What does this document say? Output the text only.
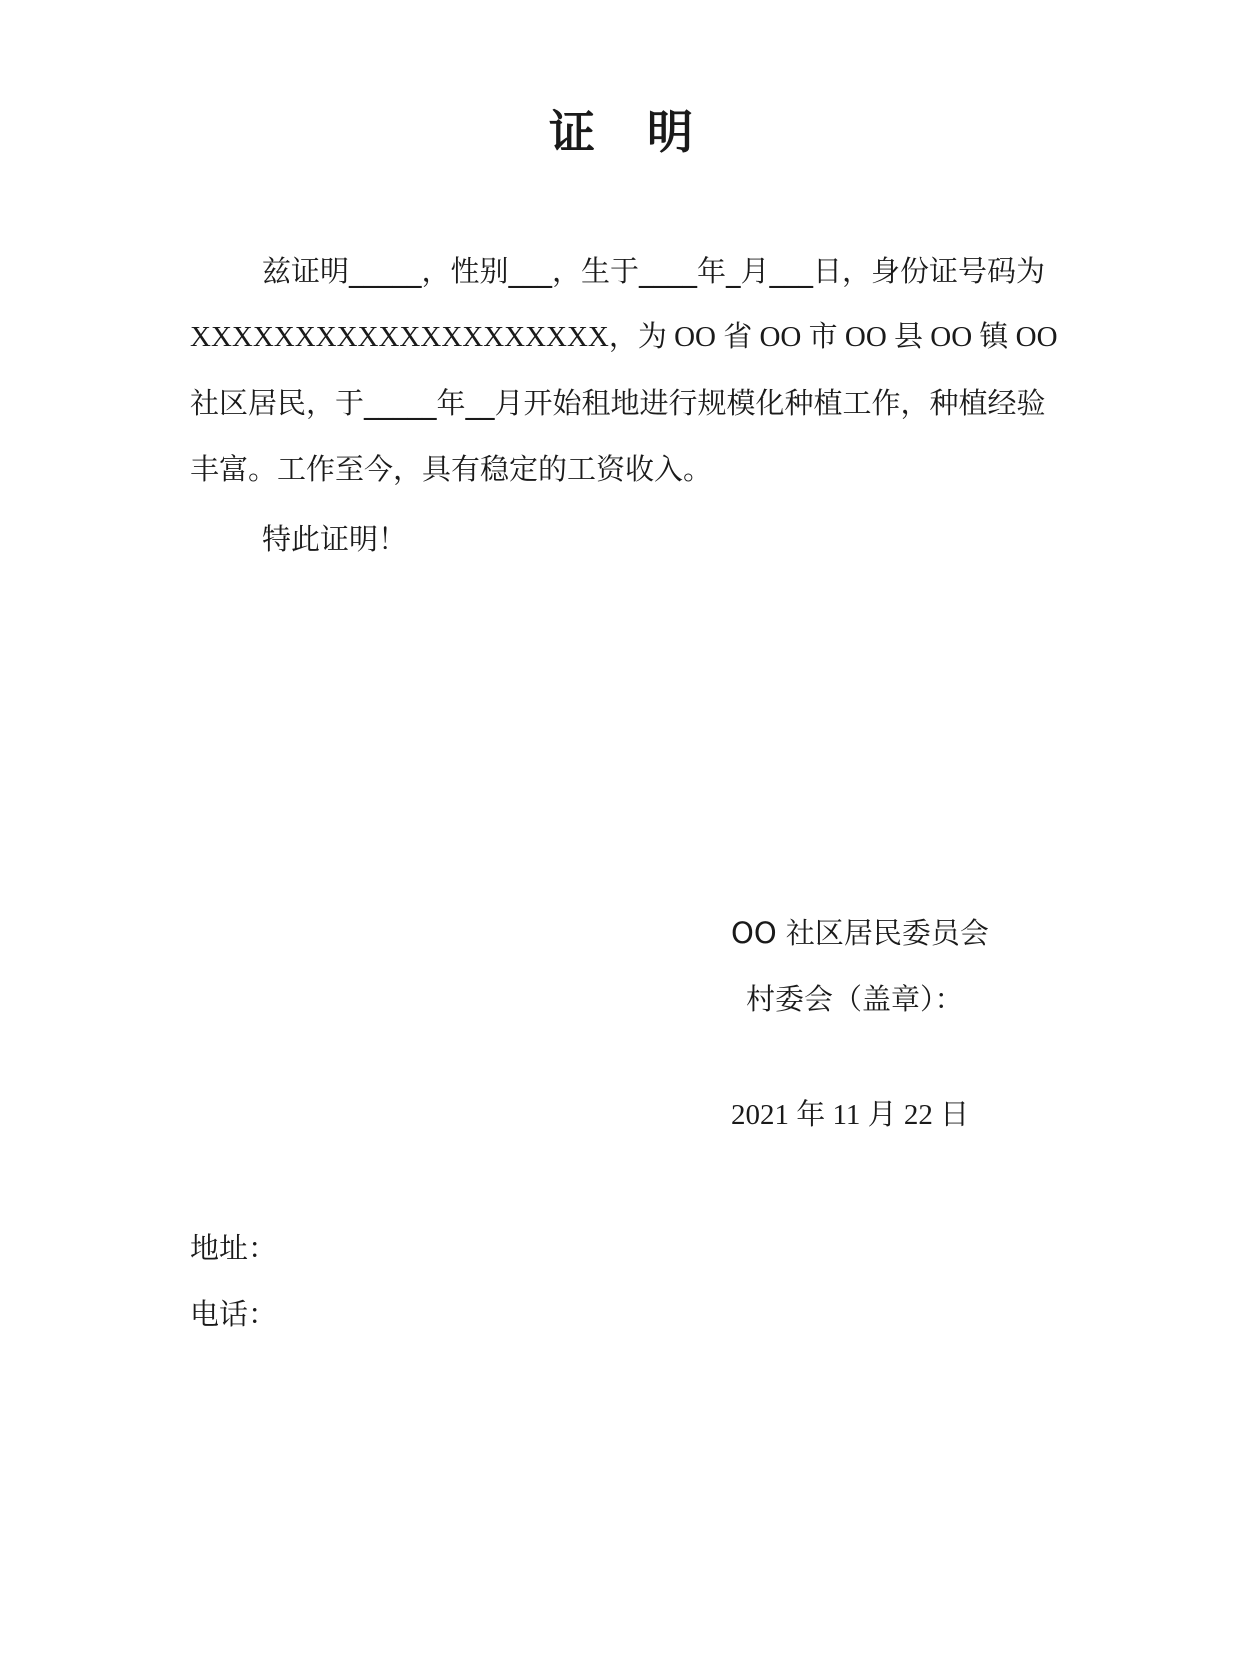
证 明

兹证明_____，性别___，生于____年_月___日，身份证号码为

XXXXXXXXXXXXXXXXXXXX，为 OO 省 OO 市 OO 县 OO 镇 OO

社区居民，于_____年__月开始租地进行规模化种植工作，种植经验

丰富。工作至今，具有稳定的工资收入。

特此证明！

OO 社区居民委员会
村委会（盖章）：
2021 年 11 月 22 日
地址：
电话：
